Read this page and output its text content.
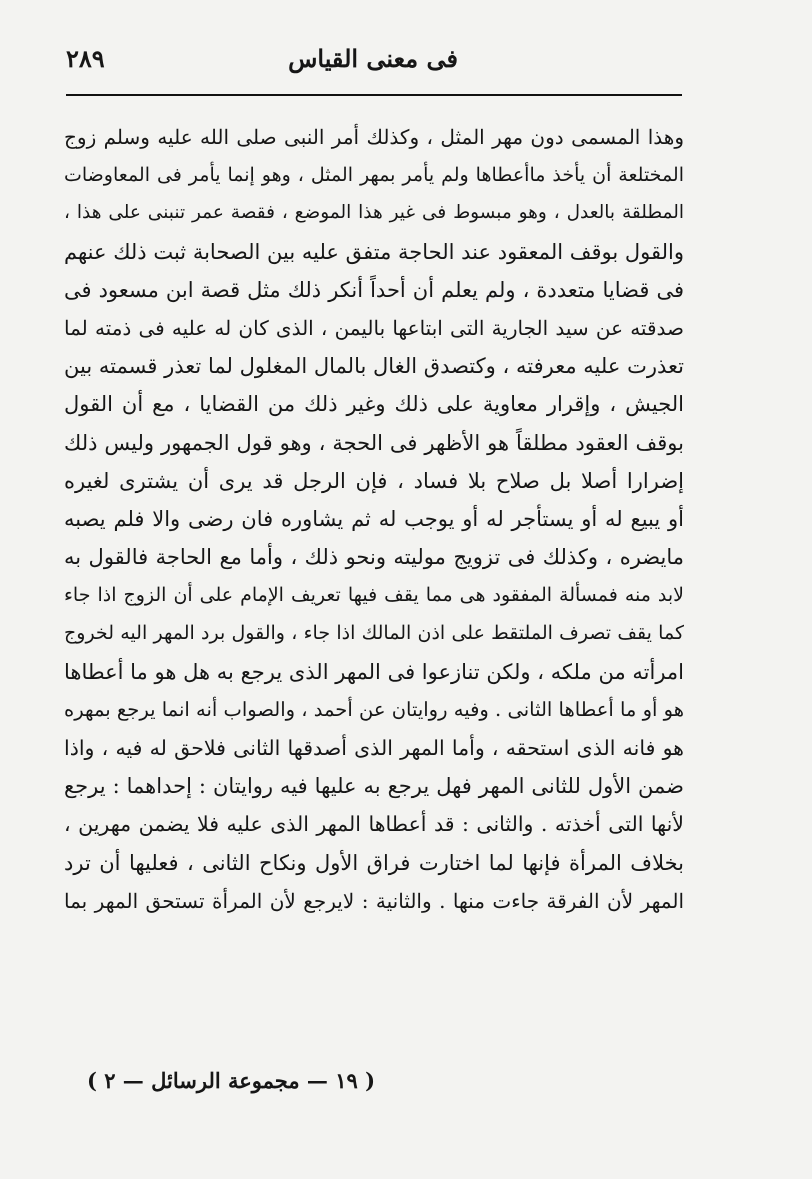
فى معنى القياس
٢٨٩
وهذا المسمى دون مهر المثل ، وكذلك أمر النبى صلى الله عليه وسلم زوج
المختلعة أن يأخذ ماأعطاها ولم يأمر بمهر المثل ، وهو إنما يأمر فى المعاوضات
المطلقة بالعدل ، وهو مبسوط فى غير هذا الموضع ، فقصة عمر تنبنى على هذا ،
والقول بوقف المعقود عند الحاجة متفق عليه بين الصحابة ثبت ذلك عنهم
فى قضايا متعددة ، ولم يعلم أن أحداً أنكر ذلك مثل قصة ابن مسعود فى
صدقته عن سيد الجارية التى ابتاعها باليمن ، الذى كان له عليه فى ذمته لما
تعذرت عليه معرفته ، وكتصدق الغال بالمال المغلول لما تعذر قسمته بين
الجيش ، وإقرار معاوية على ذلك وغير ذلك من القضايا ، مع أن القول
بوقف العقود مطلقاً هو الأظهر فى الحجة ، وهو قول الجمهور وليس ذلك
إضرارا أصلا بل صلاح بلا فساد ، فإن الرجل قد يرى أن يشترى لغيره
أو يبيع له أو يستأجر له أو يوجب له ثم يشاوره فان رضى والا فلم يصبه
مايضره ، وكذلك فى تزويج موليته ونحو ذلك ، وأما مع الحاجة فالقول به
لابد منه فمسألة المفقود هى مما يقف فيها تعريف الإمام على أن الزوج اذا جاء
كما يقف تصرف الملتقط على اذن المالك اذا جاء ، والقول برد المهر اليه لخروج
امرأته من ملكه ، ولكن تنازعوا فى المهر الذى يرجع به هل هو ما أعطاها
هو أو ما أعطاها الثانى . وفيه روايتان عن أحمد ، والصواب أنه انما يرجع بمهره
هو فانه الذى استحقه ، وأما المهر الذى أصدقها الثانى فلاحق له فيه ، واذا
ضمن الأول للثانى المهر فهل يرجع به عليها فيه روايتان : إحداهما : يرجع
لأنها التى أخذته . والثانى : قد أعطاها المهر الذى عليه فلا يضمن مهرين ،
بخلاف المرأة فإنها لما اختارت فراق الأول ونكاح الثانى ، فعليها أن ترد
المهر لأن الفرقة جاءت منها . والثانية : لايرجع لأن المرأة تستحق المهر بما
( ١٩ — مجموعة الرسائل — ٢ )
